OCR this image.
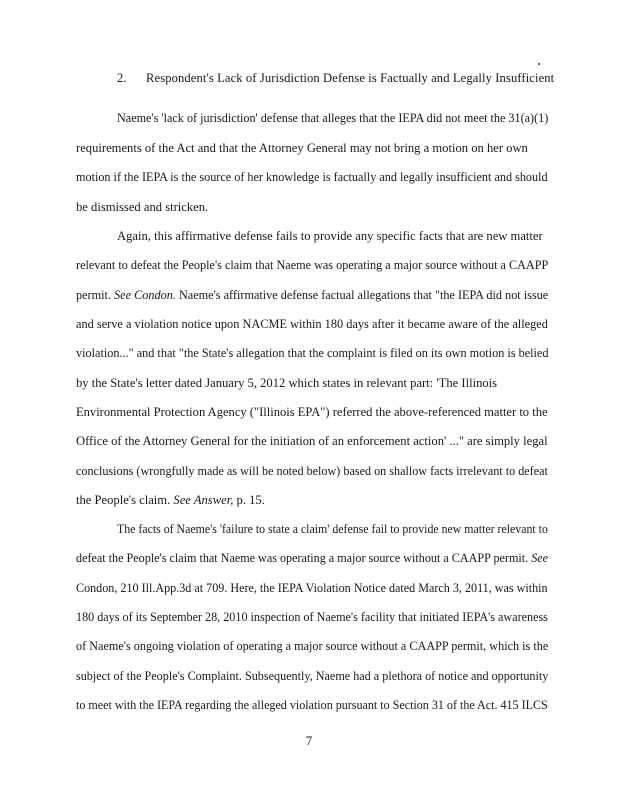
2. Respondent's Lack of Jurisdiction Defense is Factually and Legally Insufficient
Naeme's 'lack of jurisdiction' defense that alleges that the IEPA did not meet the 31(a)(1)
requirements of the Act and that the Attorney General may not bring a motion on her own
motion if the IEPA is the source of her knowledge is factually and legally insufficient and should
be dismissed and stricken.
Again, this affirmative defense fails to provide any specific facts that are new matter
relevant to defeat the People's claim that Naeme was operating a major source without a CAAPP
permit. See Condon. Naeme's affirmative defense factual allegations that "the IEPA did not issue
and serve a violation notice upon NACME within 180 days after it became aware of the alleged
violation..." and that "the State's allegation that the complaint is filed on its own motion is belied
by the State's letter dated January 5, 2012 which states in relevant part: 'The Illinois
Environmental Protection Agency ("Illinois EPA") referred the above-referenced matter to the
Office of the Attorney General for the initiation of an enforcement action' ..." are simply legal
conclusions (wrongfully made as will be noted below) based on shallow facts irrelevant to defeat
the People's claim. See Answer, p. 15.
The facts of Naeme's 'failure to state a claim' defense fail to provide new matter relevant to
defeat the People's claim that Naeme was operating a major source without a CAAPP permit. See
Condon, 210 Ill.App.3d at 709. Here, the IEPA Violation Notice dated March 3, 2011, was within
180 days of its September 28, 2010 inspection of Naeme's facility that initiated IEPA's awareness
of Naeme's ongoing violation of operating a major source without a CAAPP permit, which is the
subject of the People's Complaint. Subsequently, Naeme had a plethora of notice and opportunity
to meet with the IEPA regarding the alleged violation pursuant to Section 31 of the Act. 415 ILCS
7
